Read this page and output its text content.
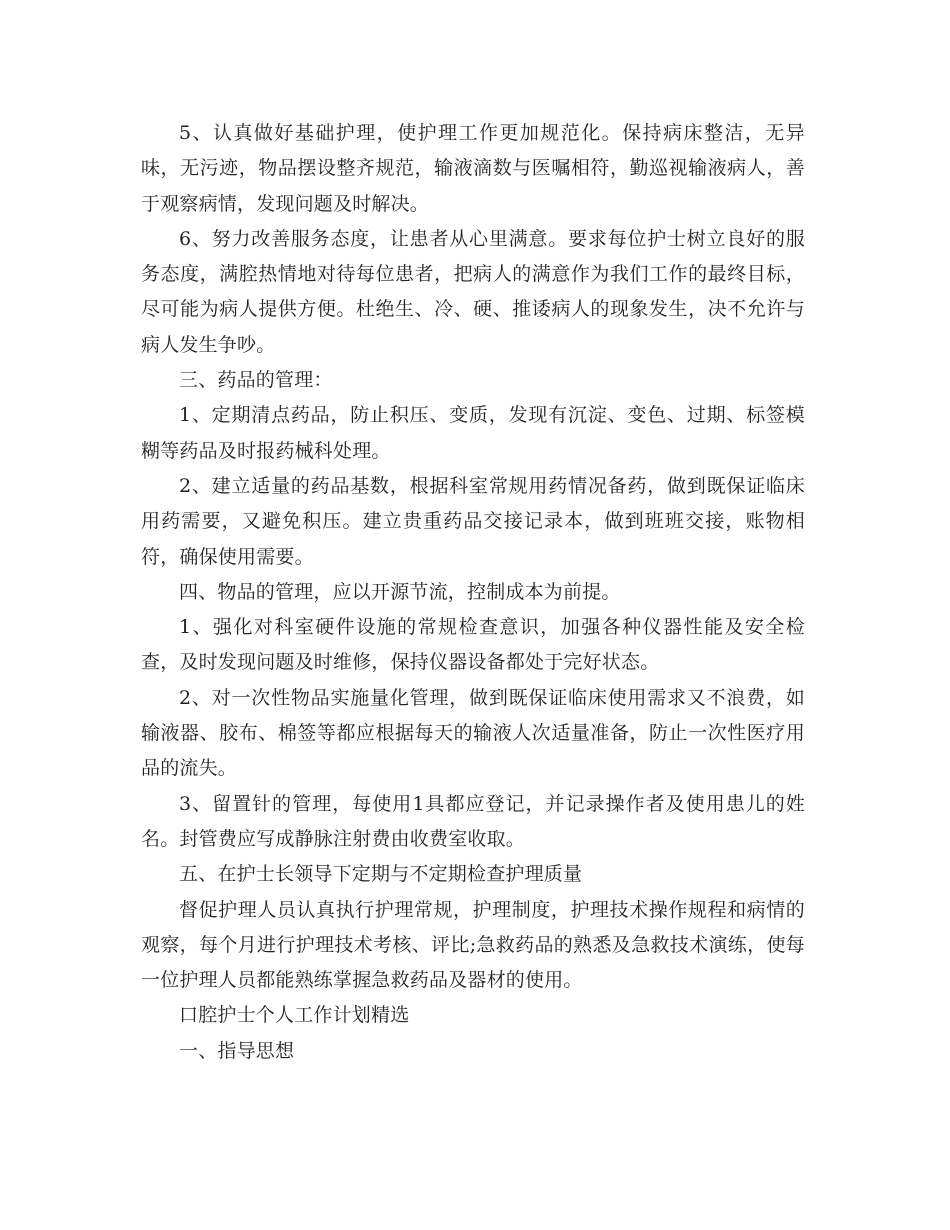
5、认真做好基础护理，使护理工作更加规范化。保持病床整洁，无异味，无污迹，物品摆设整齐规范，输液滴数与医嘱相符，勤巡视输液病人，善于观察病情，发现问题及时解决。

6、努力改善服务态度，让患者从心里满意。要求每位护士树立良好的服务态度，满腔热情地对待每位患者，把病人的满意作为我们工作的最终目标，尽可能为病人提供方便。杜绝生、冷、硬、推诿病人的现象发生，决不允许与病人发生争吵。

三、药品的管理：

1、定期清点药品，防止积压、变质，发现有沉淀、变色、过期、标签模糊等药品及时报药械科处理。

2、建立适量的药品基数，根据科室常规用药情况备药，做到既保证临床用药需要，又避免积压。建立贵重药品交接记录本，做到班班交接，账物相符，确保使用需要。

四、物品的管理，应以开源节流，控制成本为前提。

1、强化对科室硬件设施的常规检查意识，加强各种仪器性能及安全检查，及时发现问题及时维修，保持仪器设备都处于完好状态。

2、对一次性物品实施量化管理，做到既保证临床使用需求又不浪费，如输液器、胶布、棉签等都应根据每天的输液人次适量准备，防止一次性医疗用品的流失。

3、留置针的管理，每使用1具都应登记，并记录操作者及使用患儿的姓名。封管费应写成静脉注射费由收费室收取。

五、在护士长领导下定期与不定期检查护理质量

督促护理人员认真执行护理常规，护理制度，护理技术操作规程和病情的观察，每个月进行护理技术考核、评比;急救药品的熟悉及急救技术演练，使每一位护理人员都能熟练掌握急救药品及器材的使用。

口腔护士个人工作计划精选

一、指导思想
